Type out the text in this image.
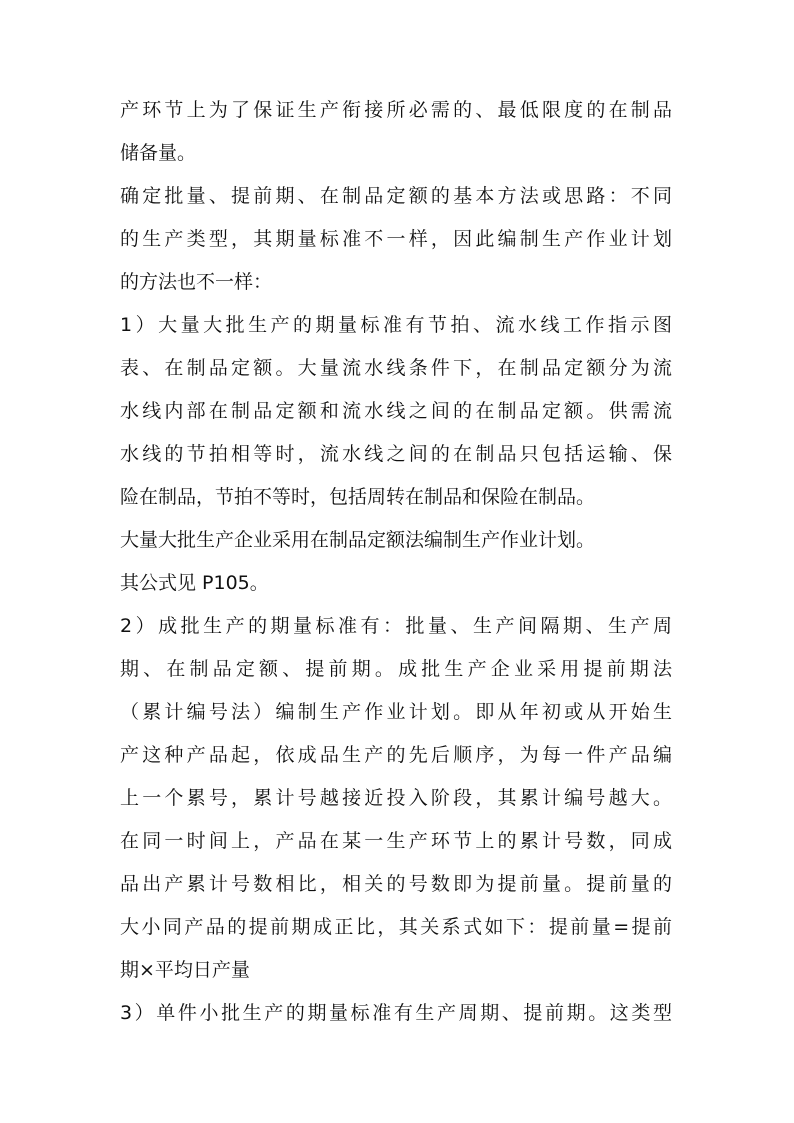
产环节上为了保证生产衔接所必需的、最低限度的在制品
储备量。
确定批量、提前期、在制品定额的基本方法或思路：不同
的生产类型，其期量标准不一样，因此编制生产作业计划
的方法也不一样：
1）大量大批生产的期量标准有节拍、流水线工作指示图
表、在制品定额。大量流水线条件下，在制品定额分为流
水线内部在制品定额和流水线之间的在制品定额。供需流
水线的节拍相等时，流水线之间的在制品只包括运输、保
险在制品，节拍不等时，包括周转在制品和保险在制品。
大量大批生产企业采用在制品定额法编制生产作业计划。
其公式见 P105。
2）成批生产的期量标准有：批量、生产间隔期、生产周
期、在制品定额、提前期。成批生产企业采用提前期法
（累计编号法）编制生产作业计划。即从年初或从开始生
产这种产品起，依成品生产的先后顺序，为每一件产品编
上一个累号，累计号越接近投入阶段，其累计编号越大。
在同一时间上，产品在某一生产环节上的累计号数，同成
品出产累计号数相比，相关的号数即为提前量。提前量的
大小同产品的提前期成正比，其关系式如下：提前量=提前
期×平均日产量
3）单件小批生产的期量标准有生产周期、提前期。这类型
